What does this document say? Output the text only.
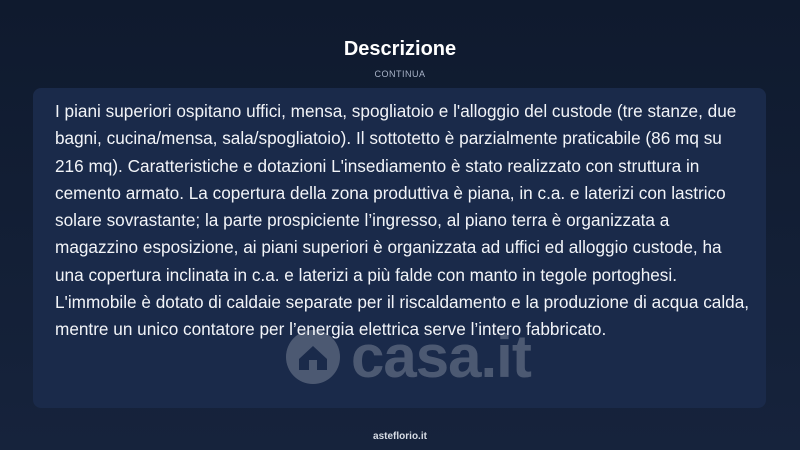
Descrizione
CONTINUA

I piani superiori ospitano uffici, mensa, spogliatoio e l'alloggio del custode (tre stanze, due bagni, cucina/mensa, sala/spogliatoio). Il sottotetto è parzialmente praticabile (86 mq su 216 mq). Caratteristiche e dotazioni L'insediamento è stato realizzato con struttura in cemento armato. La copertura della zona produttiva è piana, in c.a. e laterizi con lastrico solare sovrastante; la parte prospiciente l’ingresso, al piano terra è organizzata a magazzino esposizione, ai piani superiori è organizzata ad uffici ed alloggio custode, ha una copertura inclinata in c.a. e laterizi a più falde con manto in tegole portoghesi. L'immobile è dotato di caldaie separate per il riscaldamento e la produzione di acqua calda, mentre un unico contatore per l’energia elettrica serve l’intero fabbricato.

casa.it
asteflorio.it
